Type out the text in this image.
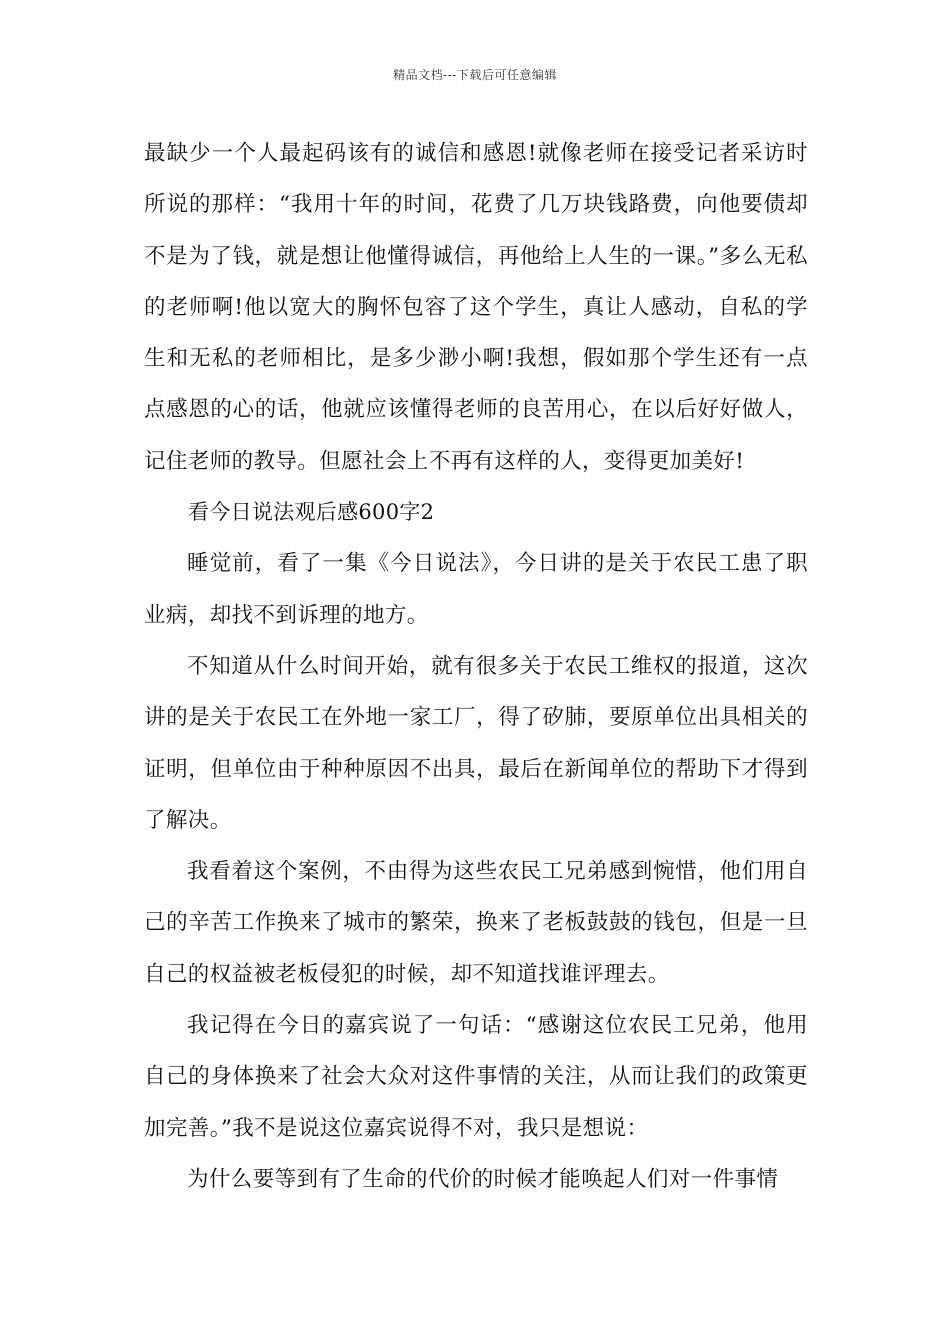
精品文档---下载后可任意编辑

最缺少一个人最起码该有的诚信和感恩!就像老师在接受记者采访时所说的那样：“我用十年的时间，花费了几万块钱路费，向他要债却不是为了钱，就是想让他懂得诚信，再他给上人生的一课。”多么无私的老师啊!他以宽大的胸怀包容了这个学生，真让人感动，自私的学生和无私的老师相比，是多少渺小啊!我想，假如那个学生还有一点点感恩的心的话，他就应该懂得老师的良苦用心，在以后好好做人，记住老师的教导。但愿社会上不再有这样的人，变得更加美好!

看今日说法观后感600字2

睡觉前，看了一集《今日说法》，今日讲的是关于农民工患了职业病，却找不到诉理的地方。

不知道从什么时间开始，就有很多关于农民工维权的报道，这次讲的是关于农民工在外地一家工厂，得了矽肺，要原单位出具相关的证明，但单位由于种种原因不出具，最后在新闻单位的帮助下才得到了解决。

我看着这个案例，不由得为这些农民工兄弟感到惋惜，他们用自己的辛苦工作换来了城市的繁荣，换来了老板鼓鼓的钱包，但是一旦自己的权益被老板侵犯的时候，却不知道找谁评理去。

我记得在今日的嘉宾说了一句话：“感谢这位农民工兄弟，他用自己的身体换来了社会大众对这件事情的关注，从而让我们的政策更加完善。”我不是说这位嘉宾说得不对，我只是想说：

为什么要等到有了生命的代价的时候才能唤起人们对一件事情
